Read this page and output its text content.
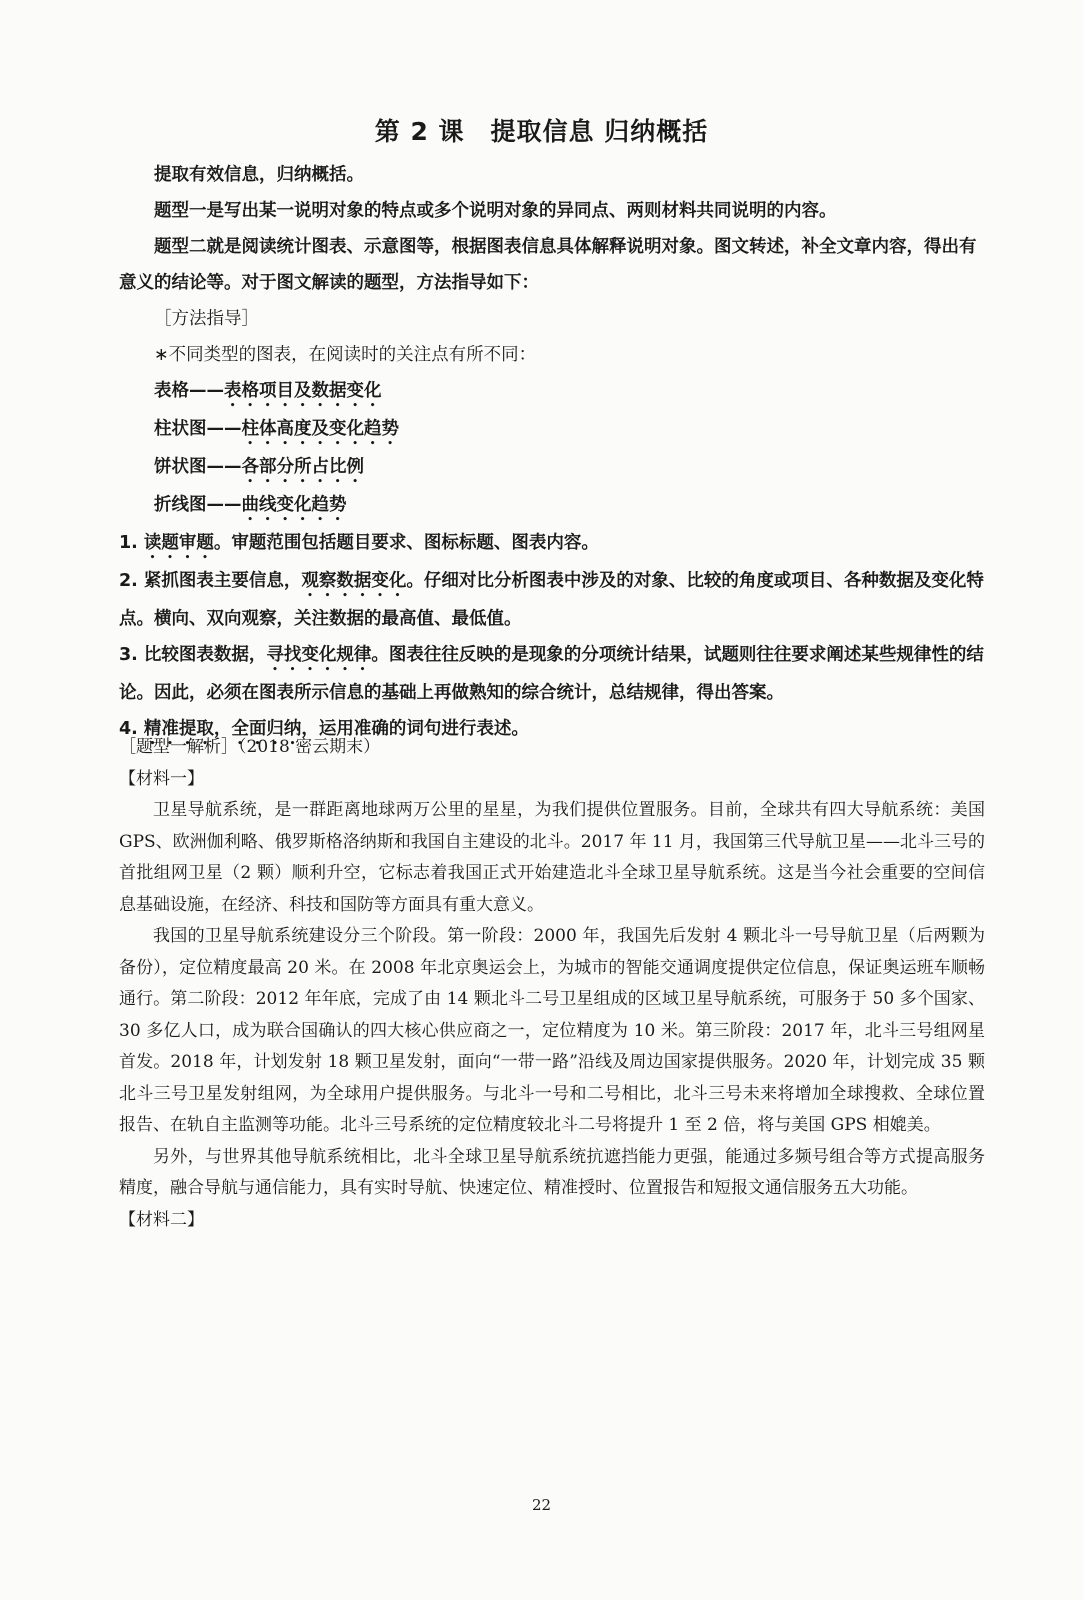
第 2 课 提取信息 归纳概括

提取有效信息，归纳概括。

题型一是写出某一说明对象的特点或多个说明对象的异同点、两则材料共同说明的内容。

题型二就是阅读统计图表、示意图等，根据图表信息具体解释说明对象。图文转述，补全文章内容，得出有意义的结论等。对于图文解读的题型，方法指导如下：

［方法指导］

∗不同类型的图表，在阅读时的关注点有所不同：

表格——表格项目及数据变化

柱状图——柱体高度及变化趋势

饼状图——各部分所占比例

折线图——曲线变化趋势

1. 读题审题。审题范围包括题目要求、图标标题、图表内容。

2. 紧抓图表主要信息，观察数据变化。仔细对比分析图表中涉及的对象、比较的角度或项目、各种数据及变化特点。横向、双向观察，关注数据的最高值、最低值。

3. 比较图表数据，寻找变化规律。图表往往反映的是现象的分项统计结果，试题则往往要求阐述某些规律性的结论。因此，必须在图表所示信息的基础上再做熟知的综合统计，总结规律，得出答案。

4. 精准提取，全面归纳，运用准确的词句进行表述。

［题型一解析］（2018 密云期末）

【材料一】

卫星导航系统，是一群距离地球两万公里的星星，为我们提供位置服务。目前，全球共有四大导航系统：美国 GPS、欧洲伽利略、俄罗斯格洛纳斯和我国自主建设的北斗。2017 年 11 月，我国第三代导航卫星——北斗三号的首批组网卫星（2 颗）顺利升空，它标志着我国正式开始建造北斗全球卫星导航系统。这是当今社会重要的空间信息基础设施，在经济、科技和国防等方面具有重大意义。

我国的卫星导航系统建设分三个阶段。第一阶段：2000 年，我国先后发射 4 颗北斗一号导航卫星（后两颗为备份），定位精度最高 20 米。在 2008 年北京奥运会上，为城市的智能交通调度提供定位信息，保证奥运班车顺畅通行。第二阶段：2012 年年底，完成了由 14 颗北斗二号卫星组成的区域卫星导航系统，可服务于 50 多个国家、30 多亿人口，成为联合国确认的四大核心供应商之一，定位精度为 10 米。第三阶段：2017 年，北斗三号组网星首发。2018 年，计划发射 18 颗卫星发射，面向“一带一路”沿线及周边国家提供服务。2020 年，计划完成 35 颗北斗三号卫星发射组网，为全球用户提供服务。与北斗一号和二号相比，北斗三号未来将增加全球搜救、全球位置报告、在轨自主监测等功能。北斗三号系统的定位精度较北斗二号将提升 1 至 2 倍，将与美国 GPS 相媲美。

另外，与世界其他导航系统相比，北斗全球卫星导航系统抗遮挡能力更强，能通过多频号组合等方式提高服务精度，融合导航与通信能力，具有实时导航、快速定位、精准授时、位置报告和短报文通信服务五大功能。

【材料二】

22
